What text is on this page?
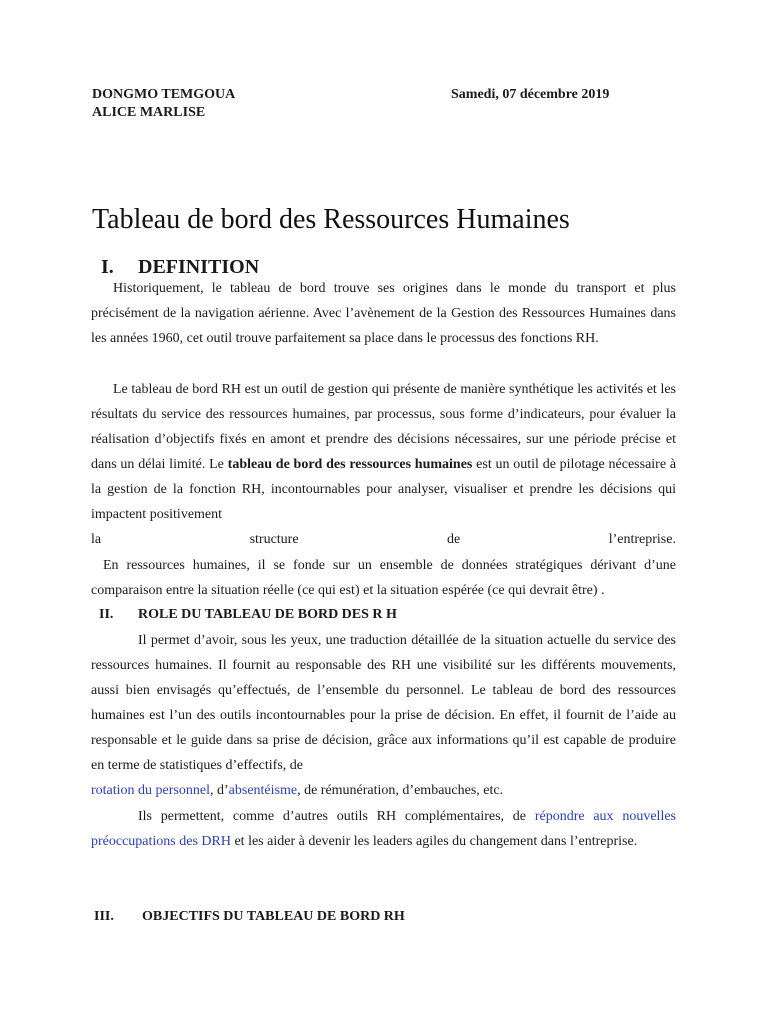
DONGMO TEMGOUA
ALICE MARLISE
Samedi, 07 décembre 2019
Tableau de bord des Ressources Humaines
I. DEFINITION

Historiquement, le tableau de bord trouve ses origines dans le monde du transport et plus précisément de la navigation aérienne. Avec l’avènement de la Gestion des Ressources Humaines dans les années 1960, cet outil trouve parfaitement sa place dans le processus des fonctions RH.

Le tableau de bord RH est un outil de gestion qui présente de manière synthétique les activités et les résultats du service des ressources humaines, par processus, sous forme d’indicateurs, pour évaluer la réalisation d’objectifs fixés en amont et prendre des décisions nécessaires, sur une période précise et dans un délai limité. Le tableau de bord des ressources humaines est un outil de pilotage nécessaire à la gestion de la fonction RH, incontournables pour analyser, visualiser et prendre les décisions qui impactent positivement
la	structure	de	l’entreprise.

En ressources humaines, il se fonde sur un ensemble de données stratégiques dérivant d’une comparaison entre la situation réelle (ce qui est) et la situation espérée (ce qui devrait être) .

II. ROLE DU TABLEAU DE BORD DES R H
Il permet d’avoir, sous les yeux, une traduction détaillée de la situation actuelle du service des ressources humaines. Il fournit au responsable des RH une visibilité sur les différents mouvements, aussi bien envisagés qu’effectués, de l’ensemble du personnel. Le tableau de bord des ressources humaines est l’un des outils incontournables pour la prise de décision. En effet, il fournit de l’aide au responsable et le guide dans sa prise de décision, grâce aux informations qu’il est capable de produire en terme de statistiques d’effectifs, de
rotation du personnel, d’absentéisme, de rémunération, d’embauches, etc.
Ils permettent, comme d’autres outils RH complémentaires, de répondre aux nouvelles préoccupations des DRH et les aider à devenir les leaders agiles du changement dans l’entreprise.
III. OBJECTIFS DU TABLEAU DE BORD RH
